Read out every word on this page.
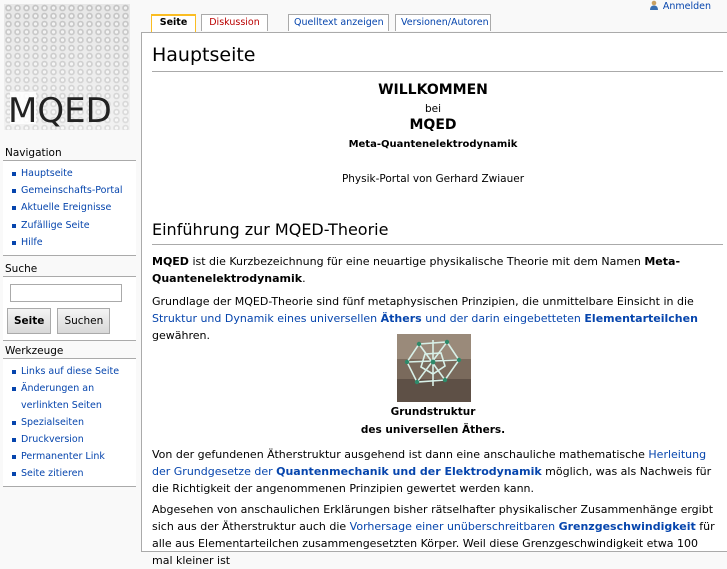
Anmelden
MQED
Seite	Diskussion	Quelltext anzeigen	Versionen/Autoren
Navigation
Hauptseite
Gemeinschafts-Portal
Aktuelle Ereignisse
Zufällige Seite
Hilfe
Suche
Seite	Suchen
Werkzeuge
Links auf diese Seite
Änderungen an verlinkten Seiten
Spezialseiten
Druckversion
Permanenter Link
Seite zitieren
Hauptseite
WILLKOMMEN
bei
MQED
Meta-Quantenelektrodynamik
Physik-Portal von Gerhard Zwiauer
Einführung zur MQED-Theorie

MQED ist die Kurzbezeichnung für eine neuartige physikalische Theorie mit dem Namen Meta-Quantenelektrodynamik.

Grundlage der MQED-Theorie sind fünf metaphysischen Prinzipien, die unmittelbare Einsicht in die Struktur und Dynamik eines universellen Äthers und der darin eingebetteten Elementarteilchen gewähren.

Grundstruktur
des universellen Äthers.

Von der gefundenen Ätherstruktur ausgehend ist dann eine anschauliche mathematische Herleitung der Grundgesetze der Quantenmechanik und der Elektrodynamik möglich, was als Nachweis für die Richtigkeit der angenommenen Prinzipien gewertet werden kann.

Abgesehen von anschaulichen Erklärungen bisher rätselhafter physikalischer Zusammenhänge ergibt sich aus der Ätherstruktur auch die Vorhersage einer unüberschreitbaren Grenzgeschwindigkeit für alle aus Elementarteilchen zusammengesetzten Körper. Weil diese Grenzgeschwindigkeit etwa 100 mal kleiner ist
